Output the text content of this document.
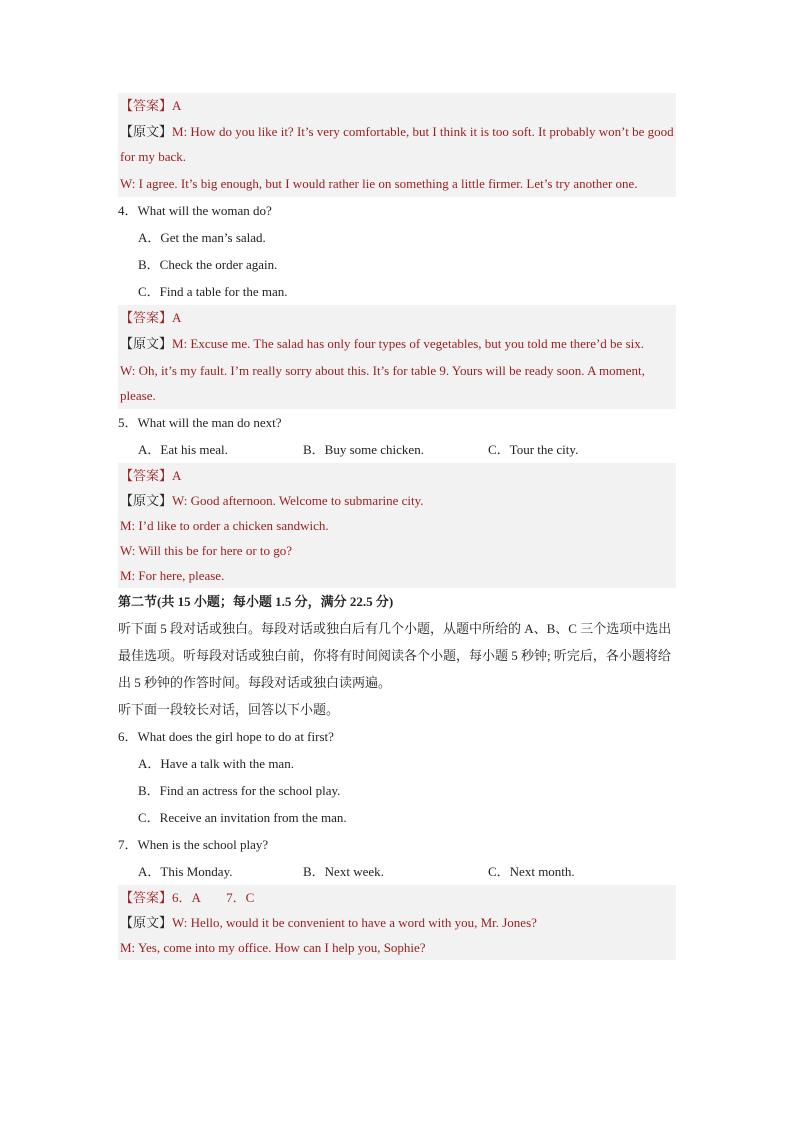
【答案】A
【原文】M: How do you like it? It’s very comfortable, but I think it is too soft. It probably won’t be good for my back.
W: I agree. It’s big enough, but I would rather lie on something a little firmer. Let’s try another one.
4．What will the woman do?
A．Get the man’s salad.
B．Check the order again.
C．Find a table for the man.
【答案】A
【原文】M: Excuse me. The salad has only four types of vegetables, but you told me there’d be six.
W: Oh, it’s my fault. I’m really sorry about this. It’s for table 9. Yours will be ready soon. A moment, please.
5．What will the man do next?
A．Eat his meal.	B．Buy some chicken.	C．Tour the city.
【答案】A
【原文】W: Good afternoon. Welcome to submarine city.
M: I’d like to order a chicken sandwich.
W: Will this be for here or to go?
M: For here, please.
第二节(共 15 小题；每小题 1.5 分，满分 22.5 分)
听下面 5 段对话或独白。每段对话或独白后有几个小题，从题中所给的 A、B、C 三个选项中选出最佳选项。听每段对话或独白前，你将有时间阅读各个小题，每小题 5 秒钟; 听完后，各小题将给出 5 秒钟的作答时间。每段对话或独白读两遍。
听下面一段较长对话，回答以下小题。
6．What does the girl hope to do at first?
A．Have a talk with the man.
B．Find an actress for the school play.
C．Receive an invitation from the man.
7．When is the school play?
A．This Monday.	B．Next week.	C．Next month.
【答案】6．A　　7．C
【原文】W: Hello, would it be convenient to have a word with you, Mr. Jones?
M: Yes, come into my office. How can I help you, Sophie?
